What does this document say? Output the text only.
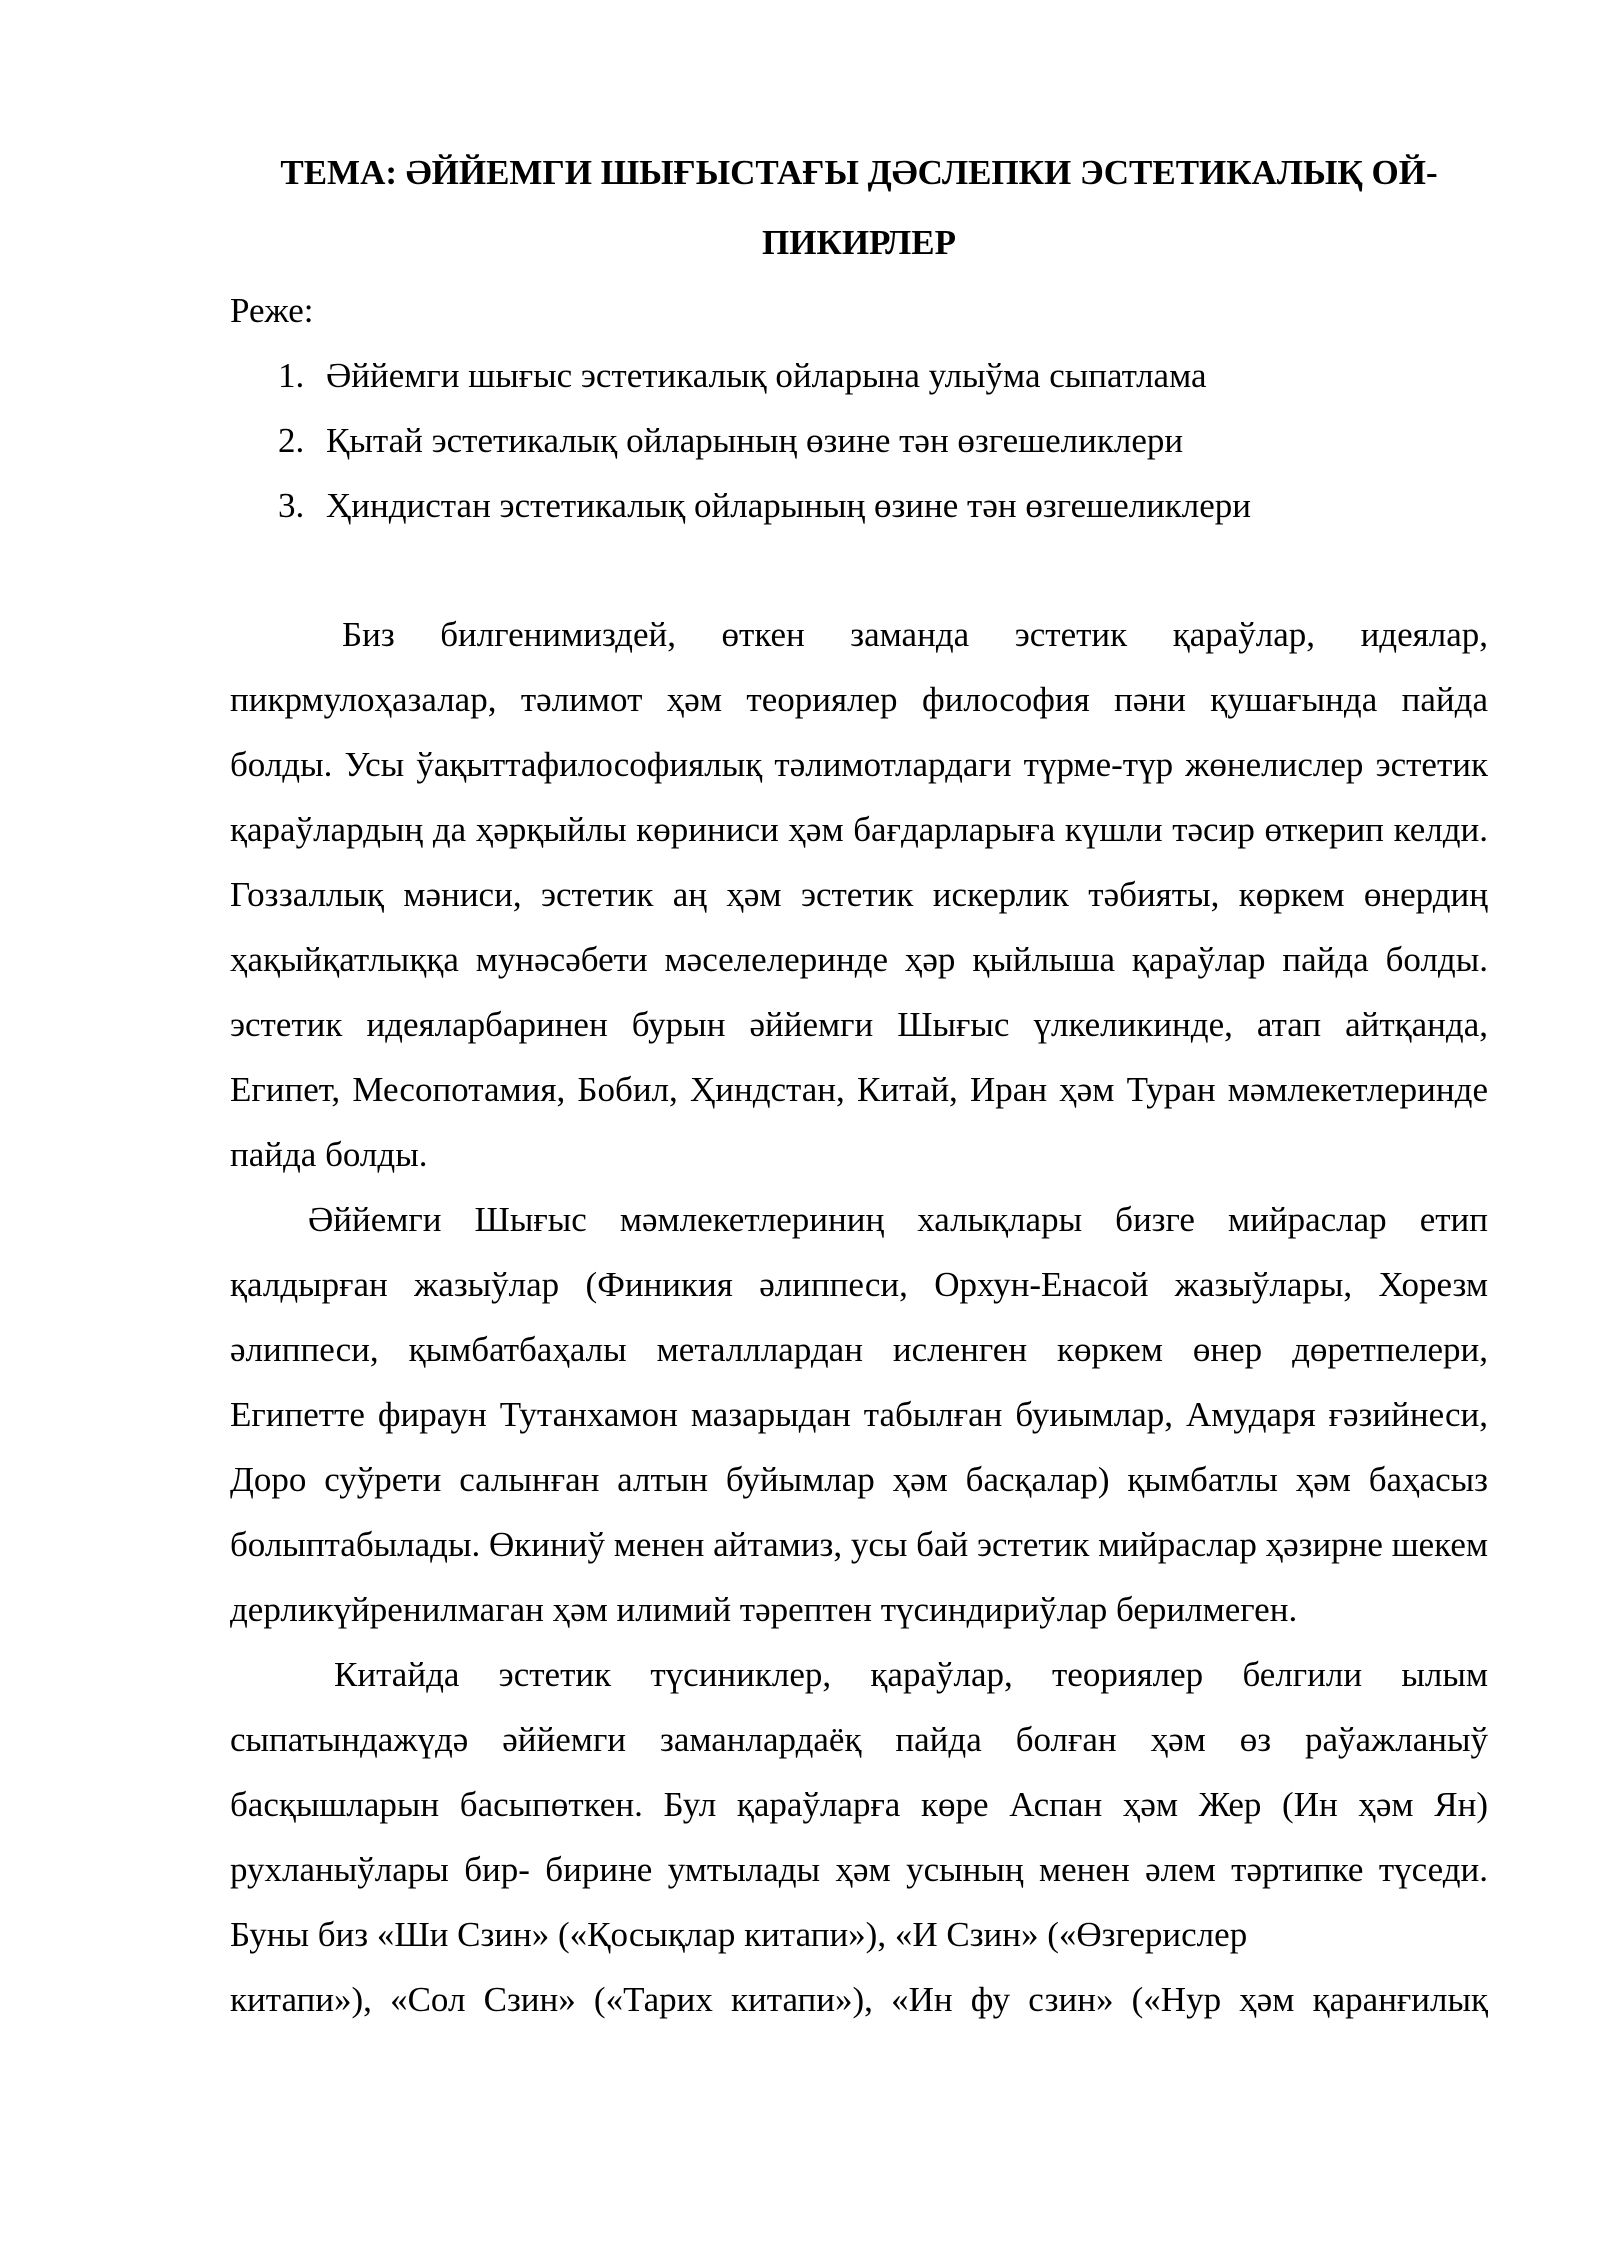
ТЕМА: ӘЙЙЕМГИ ШЫҒЫСТАҒЫ ДӘСЛЕПКИ ЭСТЕТИКАЛЫҚ ОЙ-ПИКИРЛЕР

Реже:

1. Әййемги шығыс эстетикалық ойларына улыўма сыпатлама
2. Қытай эстетикалық ойларының өзине тән өзгешеликлери
3. Ҳиндистан эстетикалық ойларының өзине тән өзгешеликлери

Биз билгенимиздей, өткен заманда эстетик қараўлар, идеялар, пикрмулоҳазалар, тәлимот ҳәм теориялер философия пәни қушағында пайда болды. Усы ўақыттафилософиялық тәлимотлардаги түрме-түр жөнелислер эстетик қараўлардың да ҳәрқыйлы көриниси ҳәм бағдарларыға күшли тәсир өткерип келди. Гоззаллық мәниси, эстетик аң ҳәм эстетик искерлик тәбияты, көркем өнердиң ҳақыйқатлыққа мунәсәбети мәселелеринде ҳәр қыйлыша қараўлар пайда болды. эстетик идеяларбаринен бурын әййемги Шығыс үлкеликинде, атап айтқанда, Египет, Месопотамия, Бобил, Ҳиндстан, Китай, Иран ҳәм Туран мәмлекетлеринде пайда болды.

Әййемги Шығыс мәмлекетлериниң халықлары бизге мийраслар етип қалдырған жазыўлар (Финикия әлиппеси, Орхун-Енасой жазыўлары, Хорезм әлиппеси, қымбатбаҳалы металллардан исленген көркем өнер дөретпелери, Египетте фираун Тутанхамон мазарыдан табылған буиымлар, Амударя ғәзийнеси, Доро суўрети салынған алтын буйымлар ҳәм басқалар) қымбатлы ҳәм баҳасыз болыптабылады. Өкиниў менен айтамиз, усы бай эстетик мийраслар ҳәзирне шекем дерликүйренилмаган ҳәм илимий тәрептен түсиндириўлар берилмеген.

Китайда эстетик түсиниклер, қараўлар, теориялер белгили ылым сыпатындажүдә әййемги заманлардаёқ пайда болған ҳәм өз раўажланыў басқышларын басыпөткен. Бул қараўларға көре Аспан ҳәм Жер (Ин ҳәм Ян) рухланыўлары бир- бирине умтылады ҳәм усының менен әлем тәртипке түседи. Буны биз «Ши Сзин» («Қосықлар китапи»), «И Сзин» («Өзгерислер

китапи»), «Сол Сзин» («Тарих китапи»), «Ин фу сзин» («Нур ҳәм қаранғилық
